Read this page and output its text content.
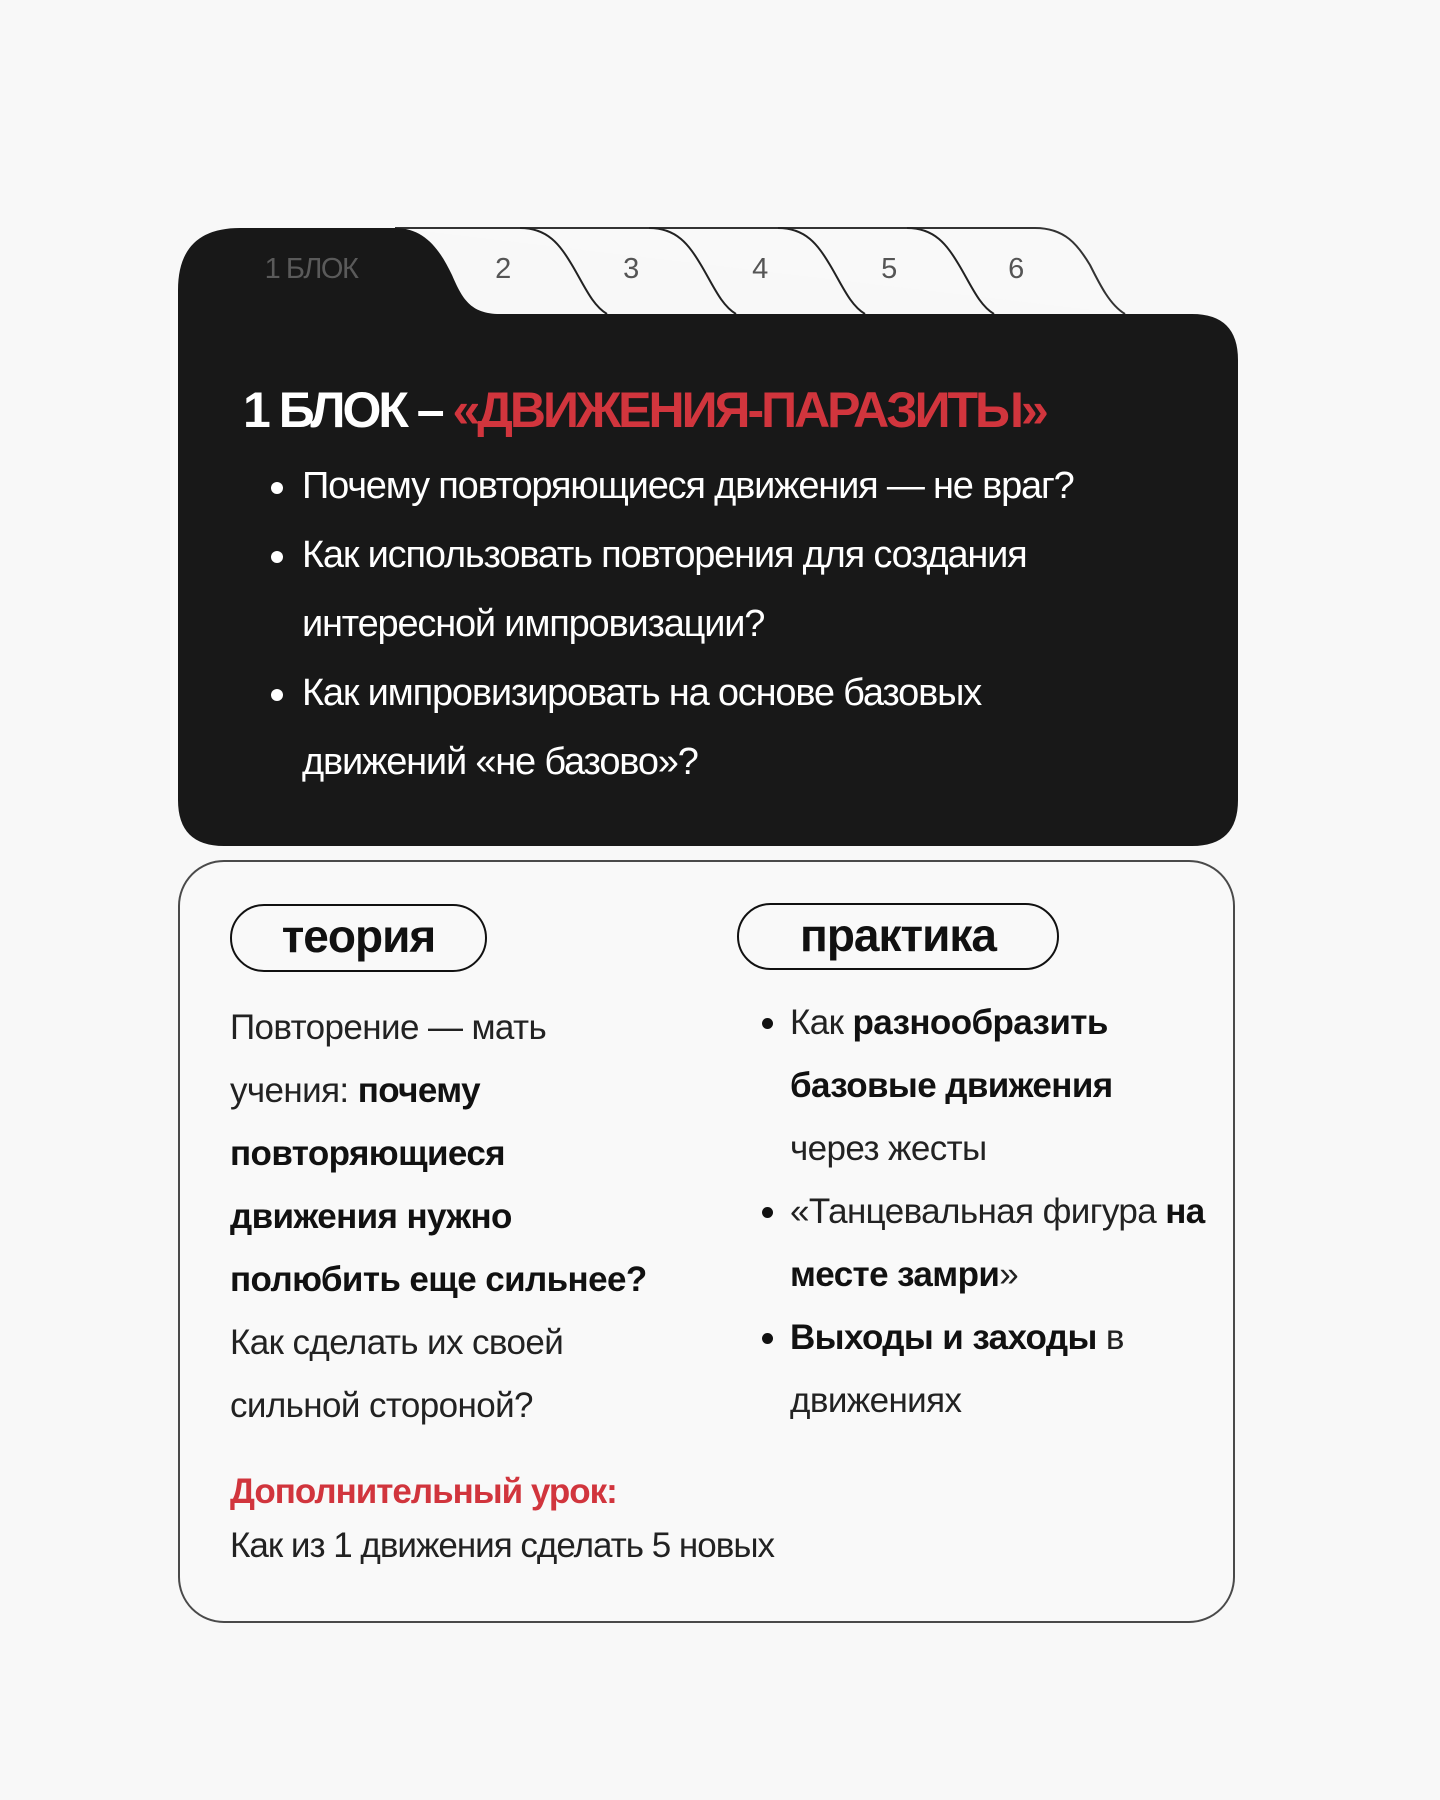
1 БЛОК	2	3	4	5	6
1 БЛОК – «ДВИЖЕНИЯ-ПАРАЗИТЫ»
Почему повторяющиеся движения — не враг?
Как использовать повторения для создания интересной импровизации?
Как импровизировать на основе базовых движений «не базово»?
теория
Повторение — мать учения: почему повторяющиеся движения нужно полюбить еще сильнее? Как сделать их своей сильной стороной?
практика
Как разнообразить базовые движения через жесты
«Танцевальная фигура на месте замри»
Выходы и заходы в движениях
Дополнительный урок:
Как из 1 движения сделать 5 новых
